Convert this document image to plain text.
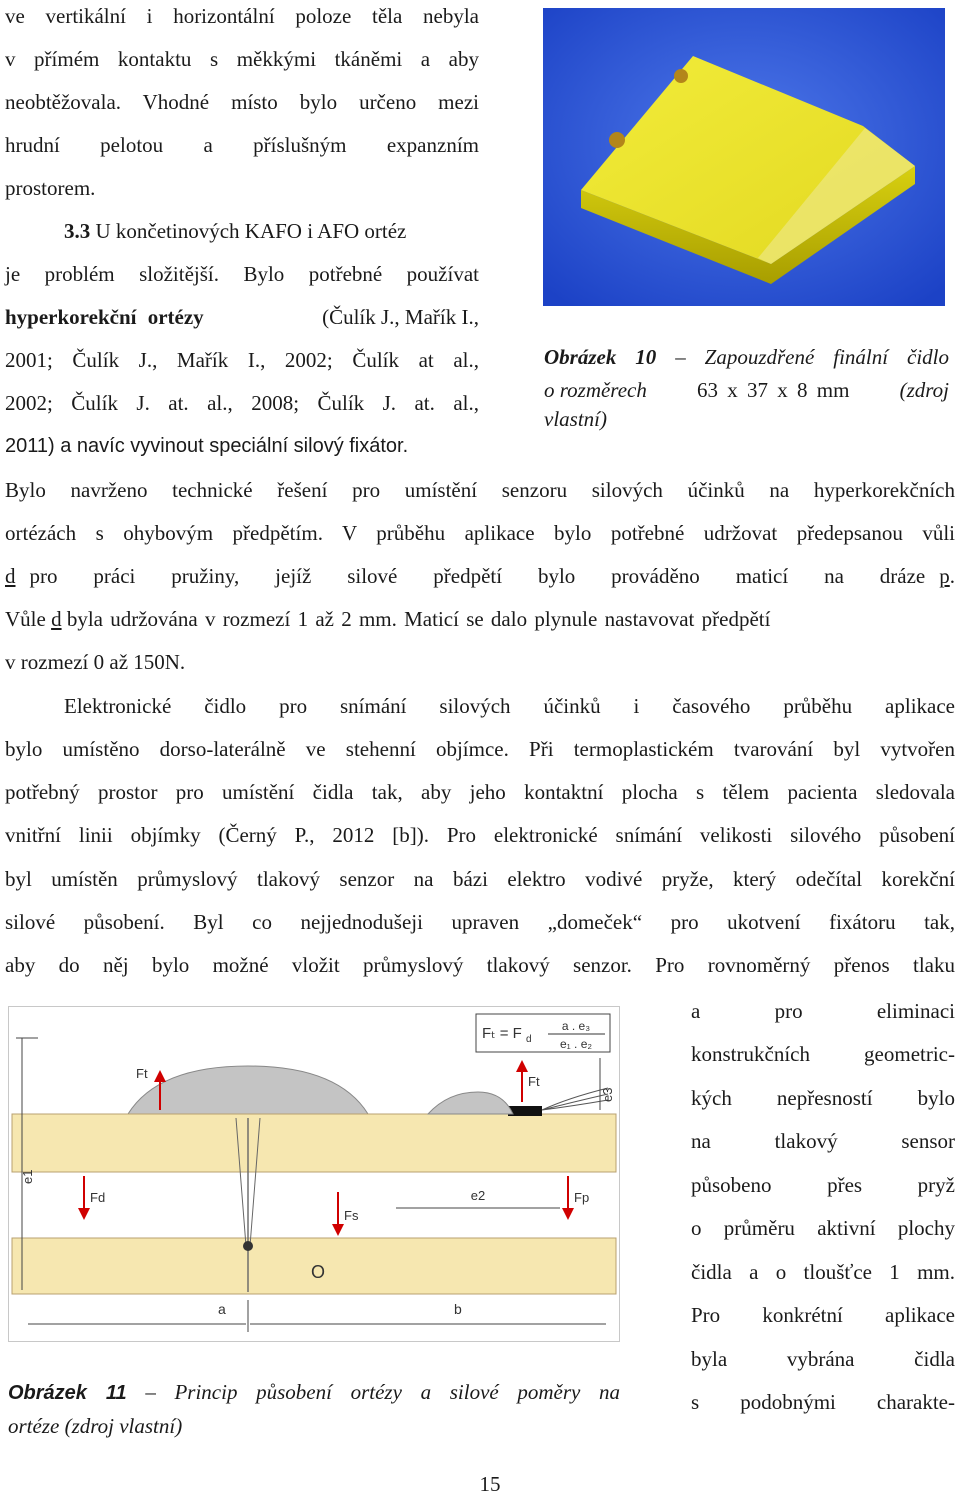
ve vertikální i horizontální poloze těla nebyla
v přímém kontaktu s měkkými tkáněmi a aby
neobtěžovala. Vhodné místo bylo určeno mezi
hrudní pelotou a příslušným expanzním
prostorem.
3.3 U končetinových KAFO i AFO ortéz
je problém složitější. Bylo potřebné používat
hyperkorekční ortézy	(Čulík J., Mařík I.,
2001; Čulík J., Mařík I., 2002; Čulík at al.,
2002; Čulík J. at. al., 2008; Čulík J. at. al.,
2011) a navíc vyvinout speciální silový fixátor.
Obrázek 10 – Zapouzdřené finální čidlo
o rozměrech 63 x 37 x 8 mm (zdroj
vlastní)
Bylo navrženo technické řešení pro umístění senzoru silových účinků na hyperkorekčních
ortézách s ohybovým předpětím. V průběhu aplikace bylo potřebné udržovat předepsanou vůli
d pro práci pružiny, jejíž silové předpětí bylo prováděno maticí na dráze p.
Vůle d byla udržována v rozmezí 1 až 2 mm. Maticí se dalo plynule nastavovat předpětí
v rozmezí 0 až 150N.
Elektronické čidlo pro snímání silových účinků i časového průběhu aplikace
bylo umístěno dorso-laterálně ve stehenní objímce. Při termoplastickém tvarování byl vytvořen
potřebný prostor pro umístění čidla tak, aby jeho kontaktní plocha s tělem pacienta sledovala
vnitřní linii objímky (Černý P., 2012 [b]). Pro elektronické snímání velikosti silového působení
byl umístěn průmyslový tlakový senzor na bázi elektro vodivé pryže, který odečítal korekční
silové působení. Byl co nejjednodušeji upraven „domeček“ pro ukotvení fixátoru tak,
aby do něj bylo možné vložit průmyslový tlakový senzor. Pro rovnoměrný přenos tlaku
Fₜ = F d
a . e₃
e₁ . e₂
O
Ft
Ft
Fd	Fp
Fs
e1
e2
e3
a	b
a pro eliminaci
konstrukčních geometric-
kých nepřesností bylo
na tlakový sensor
působeno přes pryž
o průměru aktivní plochy
čidla a o tloušťce 1 mm.
Pro konkrétní aplikace
byla vybrána čidla
s podobnými charakte-
Obrázek 11 – Princip působení ortézy a silové poměry na
ortéze (zdroj vlastní)
15
